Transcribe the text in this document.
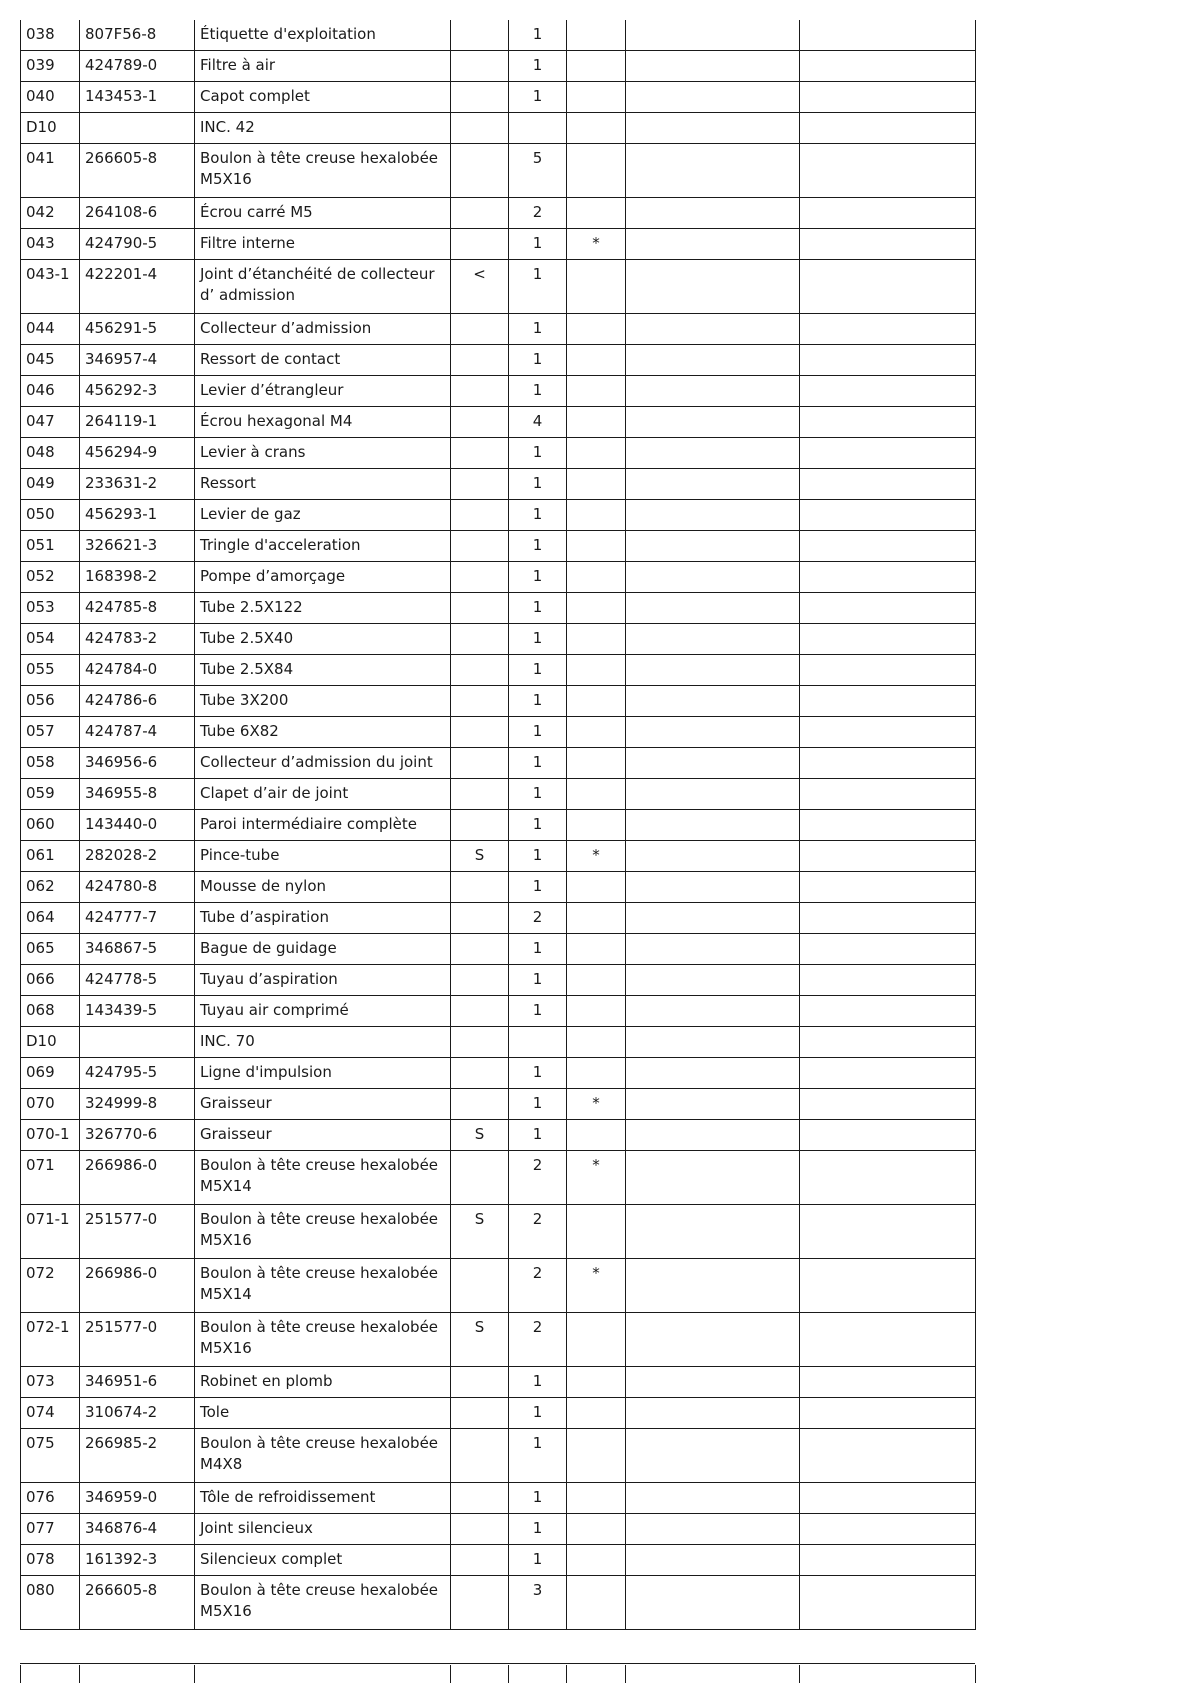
038	807F56-8	Étiquette d'exploitation		1			
039	424789-0	Filtre à air		1			
040	143453-1	Capot complet		1			
D10		INC. 42					
041	266605-8	Boulon à tête creuse hexalobée M5X16		5			
042	264108-6	Écrou carré M5		2			
043	424790-5	Filtre interne		1	*		
043-1	422201-4	Joint d’étanchéité de collecteur d’ admission	<	1			
044	456291-5	Collecteur d’admission		1			
045	346957-4	Ressort de contact		1			
046	456292-3	Levier d’étrangleur		1			
047	264119-1	Écrou hexagonal M4		4			
048	456294-9	Levier à crans		1			
049	233631-2	Ressort		1			
050	456293-1	Levier de gaz		1			
051	326621-3	Tringle d'acceleration		1			
052	168398-2	Pompe d’amorçage		1			
053	424785-8	Tube 2.5X122		1			
054	424783-2	Tube 2.5X40		1			
055	424784-0	Tube 2.5X84		1			
056	424786-6	Tube 3X200		1			
057	424787-4	Tube 6X82		1			
058	346956-6	Collecteur d’admission du joint		1			
059	346955-8	Clapet d’air de joint		1			
060	143440-0	Paroi intermédiaire complète		1			
061	282028-2	Pince-tube	S	1	*		
062	424780-8	Mousse de nylon		1			
064	424777-7	Tube d’aspiration		2			
065	346867-5	Bague de guidage		1			
066	424778-5	Tuyau d’aspiration		1			
068	143439-5	Tuyau air comprimé		1			
D10		INC. 70					
069	424795-5	Ligne d'impulsion		1			
070	324999-8	Graisseur		1	*		
070-1	326770-6	Graisseur	S	1			
071	266986-0	Boulon à tête creuse hexalobée M5X14		2	*		
071-1	251577-0	Boulon à tête creuse hexalobée M5X16	S	2			
072	266986-0	Boulon à tête creuse hexalobée M5X14		2	*		
072-1	251577-0	Boulon à tête creuse hexalobée M5X16	S	2			
073	346951-6	Robinet en plomb		1			
074	310674-2	Tole		1			
075	266985-2	Boulon à tête creuse hexalobée M4X8		1			
076	346959-0	Tôle de refroidissement		1			
077	346876-4	Joint silencieux		1			
078	161392-3	Silencieux complet		1			
080	266605-8	Boulon à tête creuse hexalobée M5X16		3			
